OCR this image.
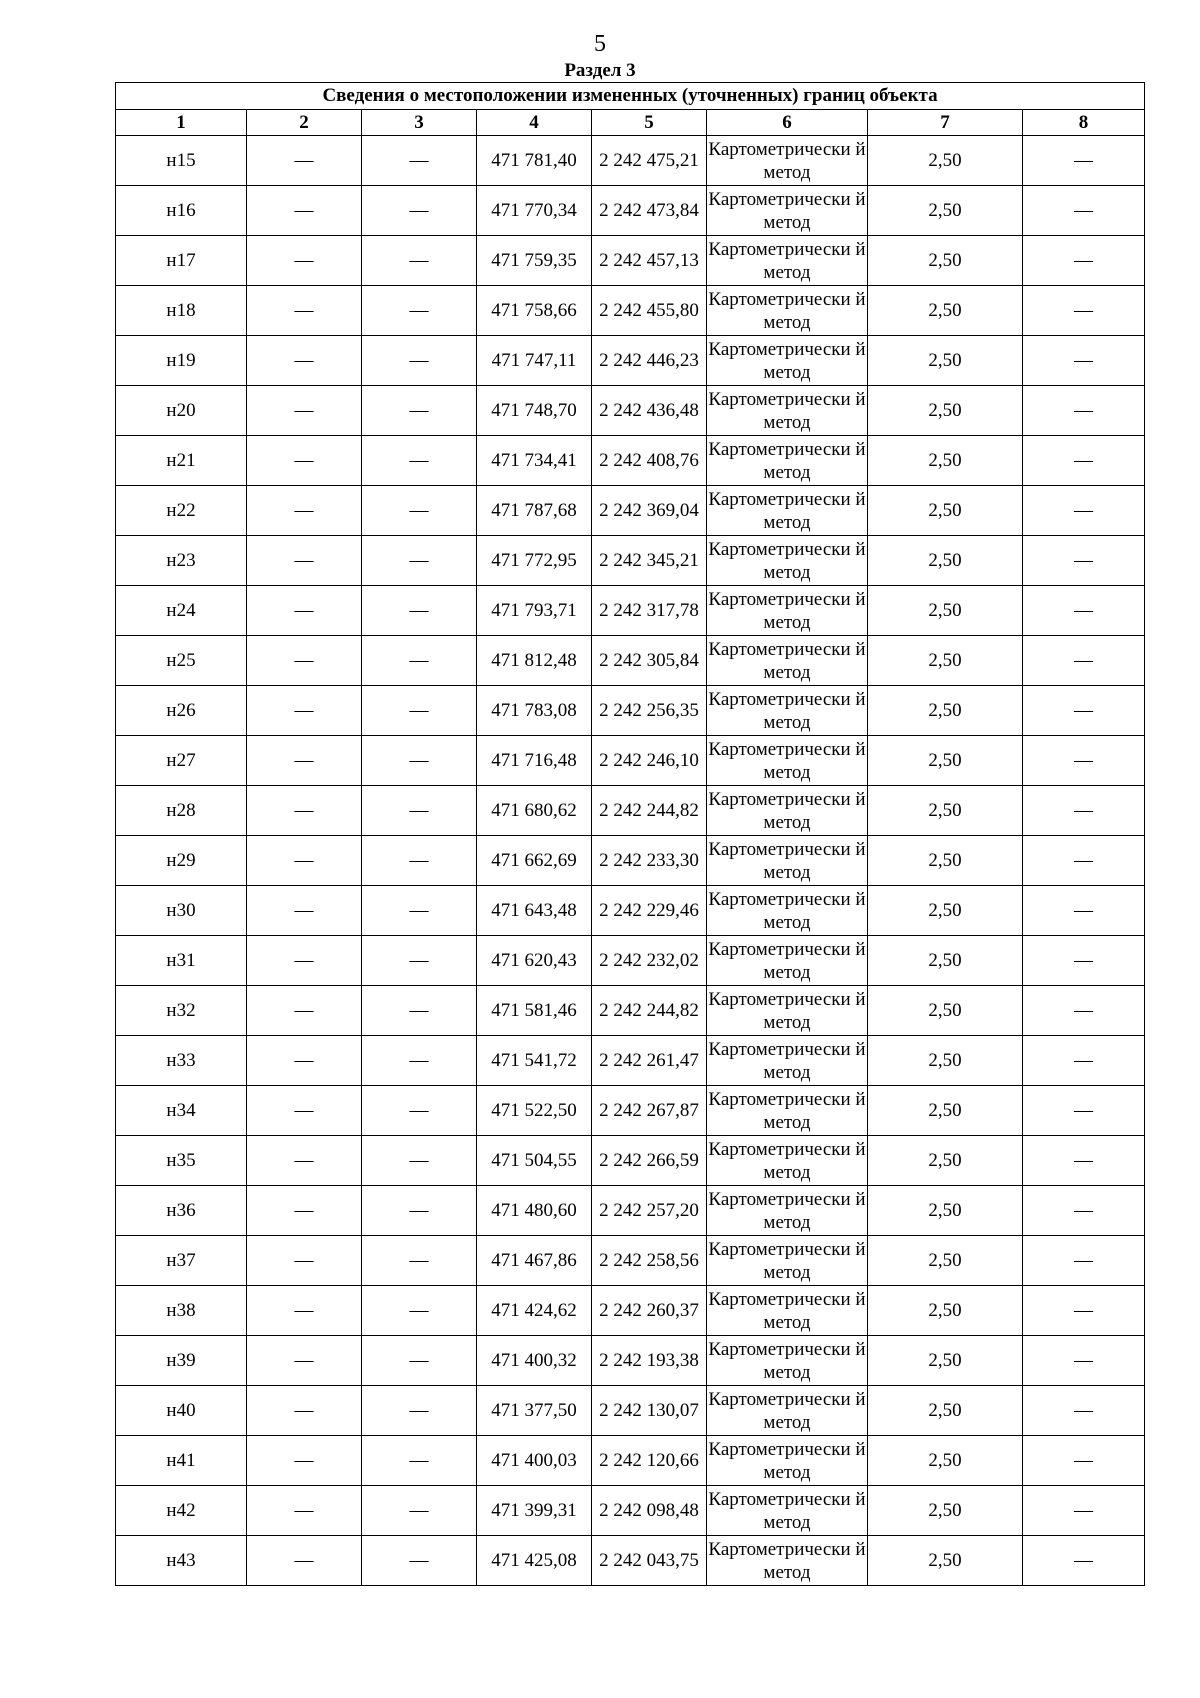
5
Раздел 3
Сведения о местоположении измененных (уточненных) границ объекта							
1	2	3	4	5	6	7	8
н15	—	—	471 781,40	2 242 475,21	Картометрически й метод	2,50	—
н16	—	—	471 770,34	2 242 473,84	Картометрически й метод	2,50	—
н17	—	—	471 759,35	2 242 457,13	Картометрически й метод	2,50	—
н18	—	—	471 758,66	2 242 455,80	Картометрически й метод	2,50	—
н19	—	—	471 747,11	2 242 446,23	Картометрически й метод	2,50	—
н20	—	—	471 748,70	2 242 436,48	Картометрически й метод	2,50	—
н21	—	—	471 734,41	2 242 408,76	Картометрически й метод	2,50	—
н22	—	—	471 787,68	2 242 369,04	Картометрически й метод	2,50	—
н23	—	—	471 772,95	2 242 345,21	Картометрически й метод	2,50	—
н24	—	—	471 793,71	2 242 317,78	Картометрически й метод	2,50	—
н25	—	—	471 812,48	2 242 305,84	Картометрически й метод	2,50	—
н26	—	—	471 783,08	2 242 256,35	Картометрически й метод	2,50	—
н27	—	—	471 716,48	2 242 246,10	Картометрически й метод	2,50	—
н28	—	—	471 680,62	2 242 244,82	Картометрически й метод	2,50	—
н29	—	—	471 662,69	2 242 233,30	Картометрически й метод	2,50	—
н30	—	—	471 643,48	2 242 229,46	Картометрически й метод	2,50	—
н31	—	—	471 620,43	2 242 232,02	Картометрически й метод	2,50	—
н32	—	—	471 581,46	2 242 244,82	Картометрически й метод	2,50	—
н33	—	—	471 541,72	2 242 261,47	Картометрически й метод	2,50	—
н34	—	—	471 522,50	2 242 267,87	Картометрически й метод	2,50	—
н35	—	—	471 504,55	2 242 266,59	Картометрически й метод	2,50	—
н36	—	—	471 480,60	2 242 257,20	Картометрически й метод	2,50	—
н37	—	—	471 467,86	2 242 258,56	Картометрически й метод	2,50	—
н38	—	—	471 424,62	2 242 260,37	Картометрически й метод	2,50	—
н39	—	—	471 400,32	2 242 193,38	Картометрически й метод	2,50	—
н40	—	—	471 377,50	2 242 130,07	Картометрически й метод	2,50	—
н41	—	—	471 400,03	2 242 120,66	Картометрически й метод	2,50	—
н42	—	—	471 399,31	2 242 098,48	Картометрически й метод	2,50	—
н43	—	—	471 425,08	2 242 043,75	Картометрически й метод	2,50	—
